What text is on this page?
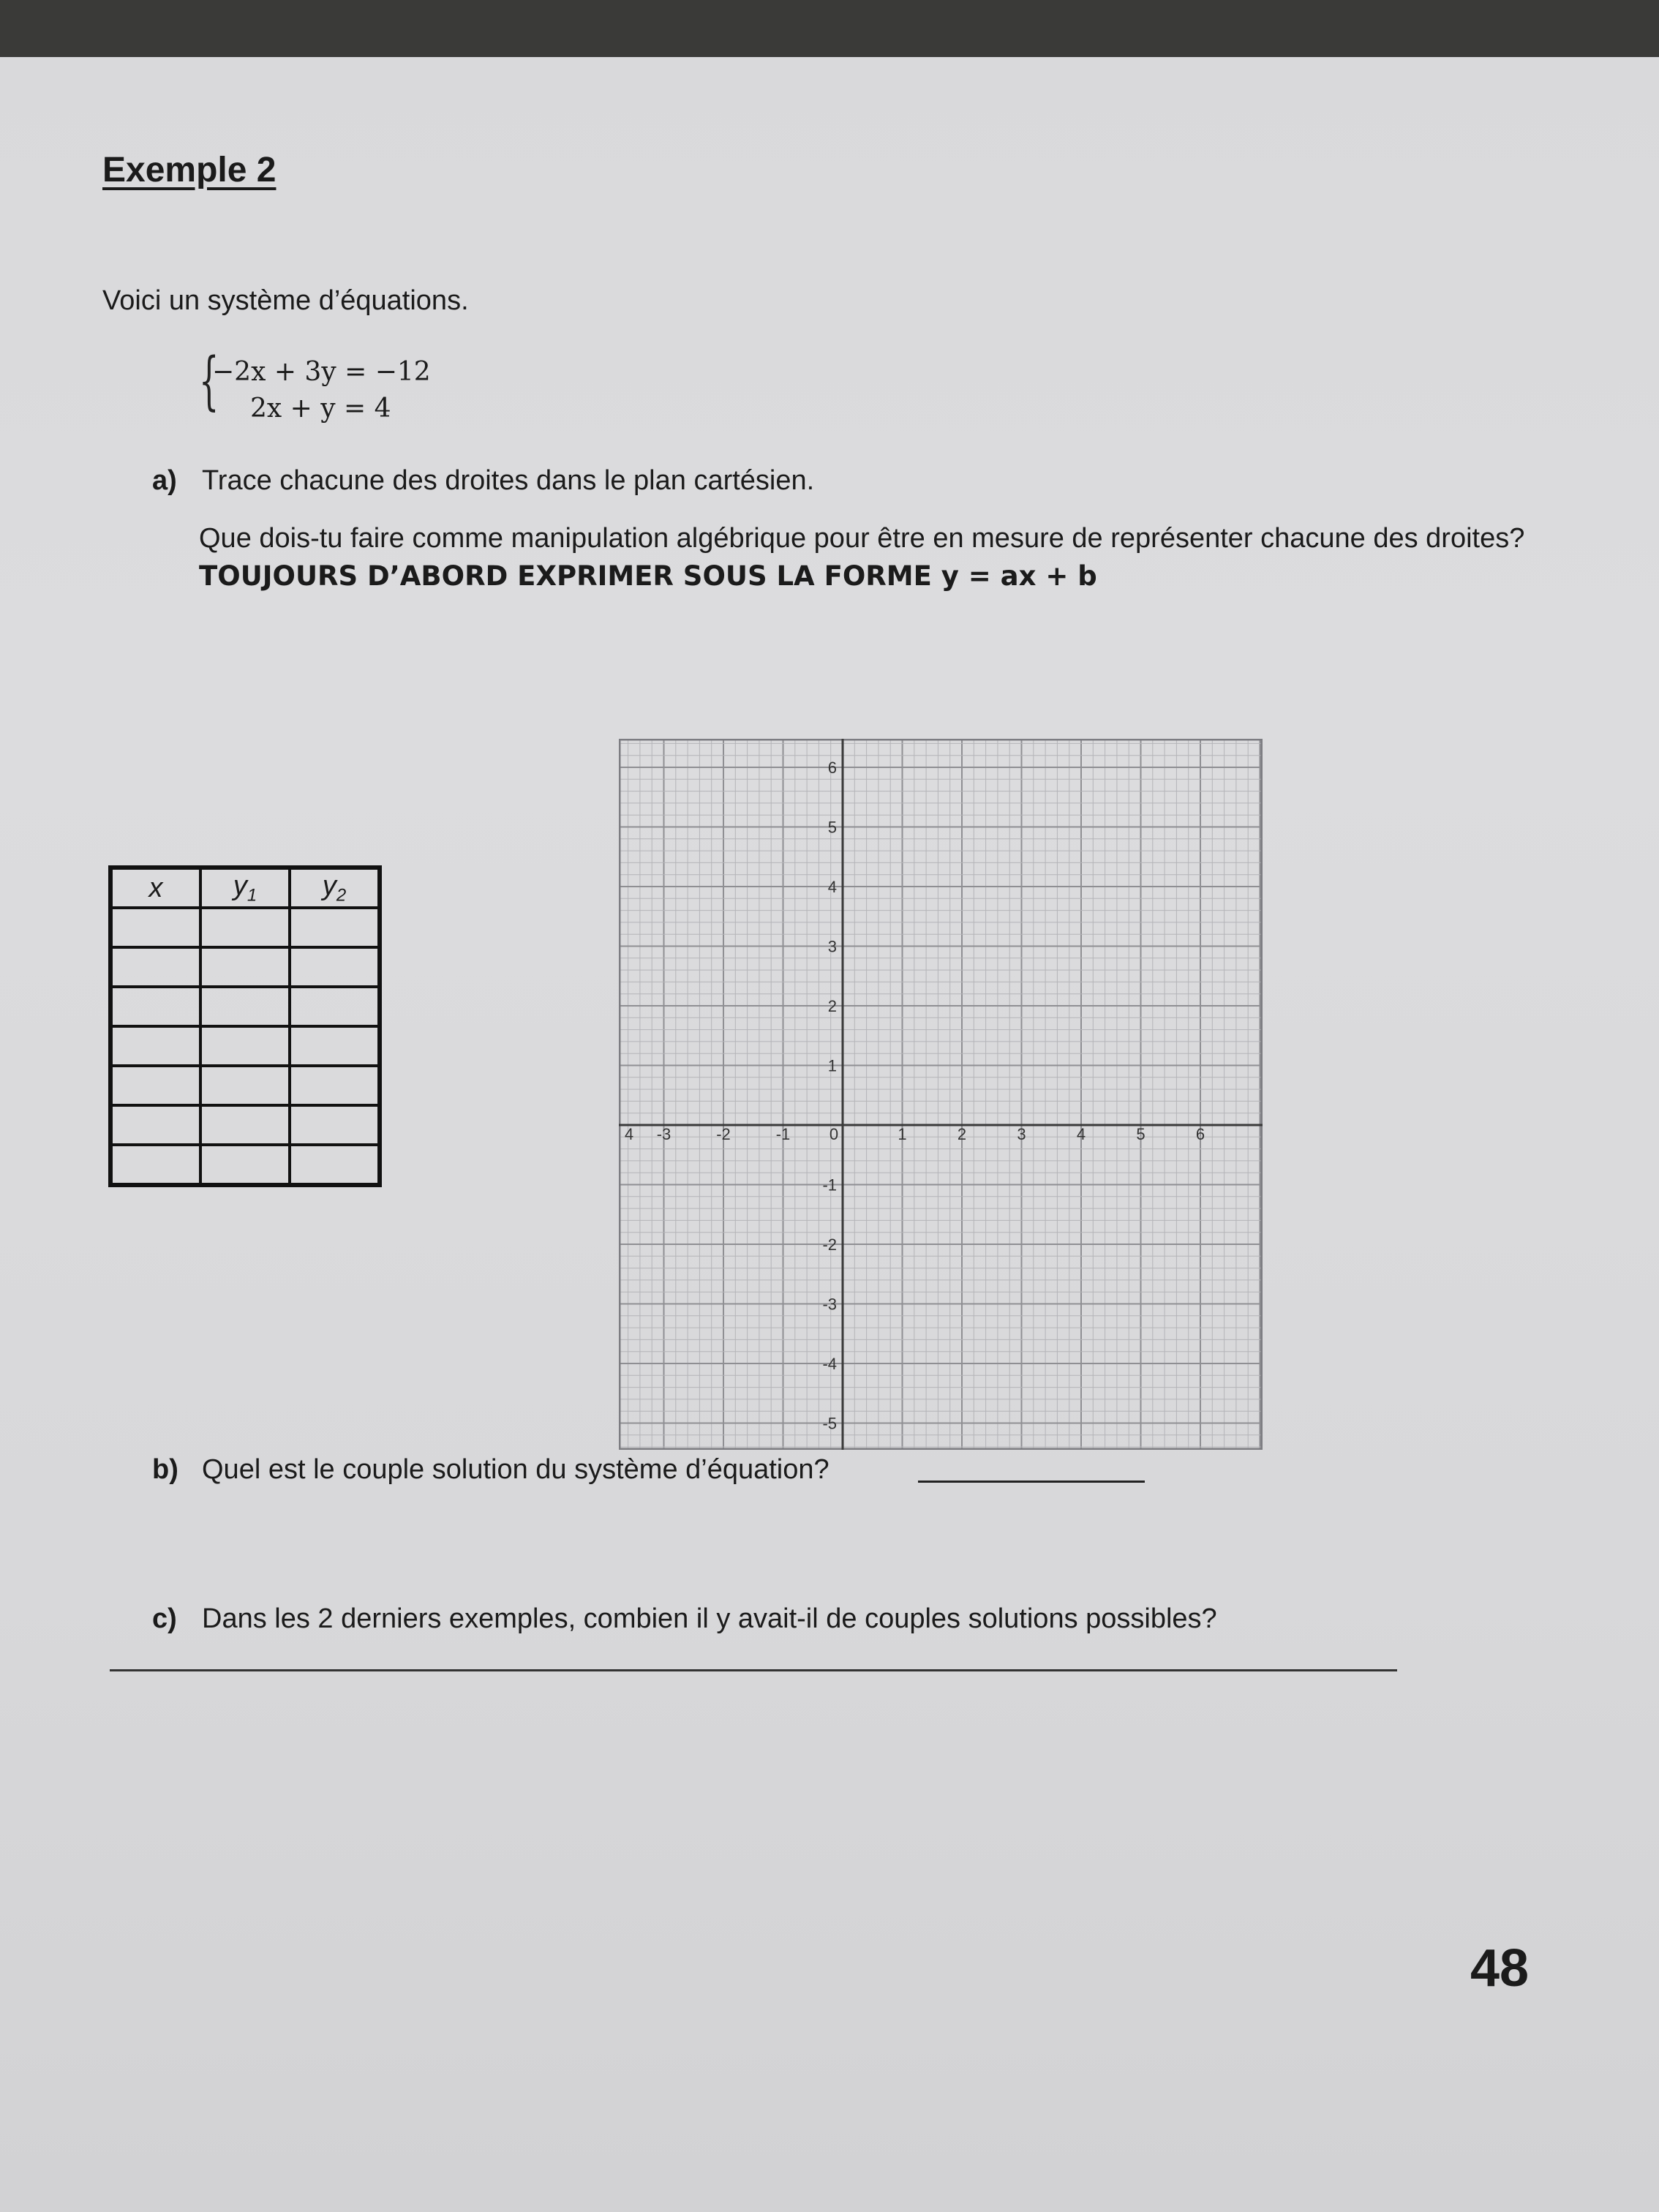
Exemple 2
Voici un système d’équations.
{
−2x + 3y = −12
2x + y = 4
a) Trace chacune des droites dans le plan cartésien.
Que dois-tu faire comme manipulation algébrique pour être en mesure de représenter chacune des droites? TOUJOURS D’ABORD EXPRIMER SOUS LA FORME y = ax + b
x	$y_1$	$y_2$

4 -3	-2	-1 0	1	2	3	4	5	6
6
5
4
3
2
1
-1
-2
-3
-4
-5
b) Quel est le couple solution du système d’équation?
c) Dans les 2 derniers exemples, combien il y avait-il de couples solutions possibles?
48
